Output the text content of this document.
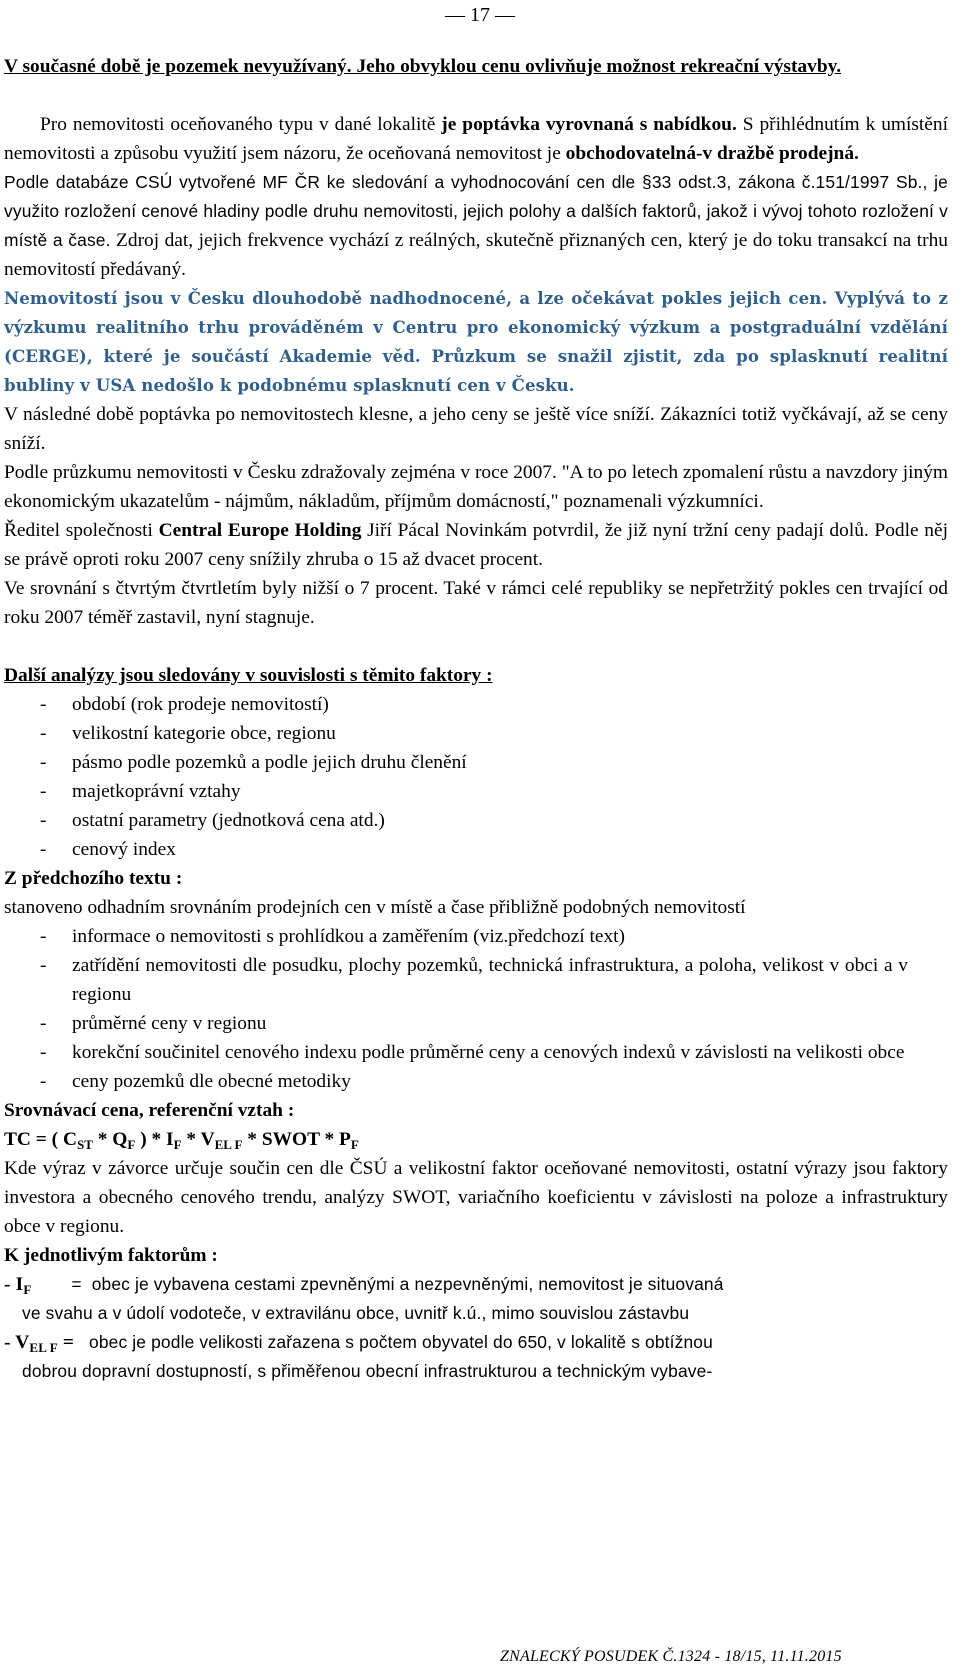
— 17 —

V současné době je pozemek nevyužívaný. Jeho obvyklou cenu ovlivňuje možnost rekreační výstavby.

Pro nemovitosti oceňovaného typu v dané lokalitě je poptávka vyrovnaná s nabídkou. S přihlédnutím k umístění nemovitosti a způsobu využití jsem názoru, že oceňovaná nemovitost je obchodovatelná-v dražbě prodejná.

Podle databáze CSÚ vytvořené MF ČR ke sledování a vyhodnocování cen dle §33 odst.3, zákona č.151/1997 Sb., je využito rozložení cenové hladiny podle druhu nemovitosti, jejich polohy a dalších faktorů, jakož i vývoj tohoto rozložení v místě a čase. Zdroj dat, jejich frekvence vychází z reálných, skutečně přiznaných cen, který je do toku transakcí na trhu nemovitostí předávaný.

Nemovitostí jsou v Česku dlouhodobě nadhodnocené, a lze očekávat pokles jejich cen. Vyplývá to z výzkumu realitního trhu prováděném v Centru pro ekonomický výzkum a postgraduální vzdělání (CERGE), které je součástí Akademie věd. Průzkum se snažil zjistit, zda po splasknutí realitní bubliny v USA nedošlo k podobnému splasknutí cen v Česku.

V následné době poptávka po nemovitostech klesne, a jeho ceny se ještě více sníží. Zákazníci totiž vyčkávají, až se ceny sníží.

Podle průzkumu nemovitosti v Česku zdražovaly zejména v roce 2007. "A to po letech zpomalení růstu a navzdory jiným ekonomickým ukazatelům - nájmům, nákladům, příjmům domácností," poznamenali výzkumníci.

Ředitel společnosti Central Europe Holding Jiří Pácal Novinkám potvrdil, že již nyní tržní ceny padají dolů. Podle něj se právě oproti roku 2007 ceny snížily zhruba o 15 až dvacet procent.

Ve srovnání s čtvrtým čtvrtletím byly nižší o 7 procent. Také v rámci celé republiky se nepřetržitý pokles cen trvající od roku 2007 téměř zastavil, nyní stagnuje.

Další analýzy jsou sledovány v souvislosti s těmito faktory :

- období (rok prodeje nemovitostí)
- velikostní kategorie obce, regionu
- pásmo podle pozemků a podle jejich druhu členění
- majetkoprávní vztahy
- ostatní parametry (jednotková cena atd.)
- cenový index

Z předchozího textu :

stanoveno odhadním srovnáním prodejních cen v místě a čase přibližně podobných nemovitostí

- informace o nemovitosti s prohlídkou a zaměřením (viz.předchozí text)
- zatřídění nemovitosti dle posudku, plochy pozemků, technická infrastruktura, a poloha, velikost v obci a v regionu
- průměrné ceny v regionu
- korekční součinitel cenového indexu podle průměrné ceny a cenových indexů v závislosti na velikosti obce
- ceny pozemků dle obecné metodiky

Srovnávací cena, referenční vztah :

TC = ( $C_{ST} * Q_F$ ) * $I_F * V_{EL F}$ * SWOT * $P_F$

Kde výraz v závorce určuje součin cen dle ČSÚ a velikostní faktor oceňované nemovitosti, ostatní výrazy jsou faktory investora a obecného cenového trendu, analýzy SWOT, variačního koeficientu v závislosti na poloze a infrastruktury obce v regionu.

K jednotlivým faktorům :

- $I_F$ = obec je vybavena cestami zpevněnými a nezpevněnými, nemovitost je situovaná
ve svahu a v údolí vodoteče, v extravilánu obce, uvnitř k.ú., mimo souvislou zástavbu
- $V_{EL F}$ = obec je podle velikosti zařazena s počtem obyvatel do 650, v lokalitě s obtížnou
dobrou dopravní dostupností, s přiměřenou obecní infrastrukturou a technickým vybave-
ZNALECKÝ POSUDEK Č.1324 - 18/15, 11.11.2015
